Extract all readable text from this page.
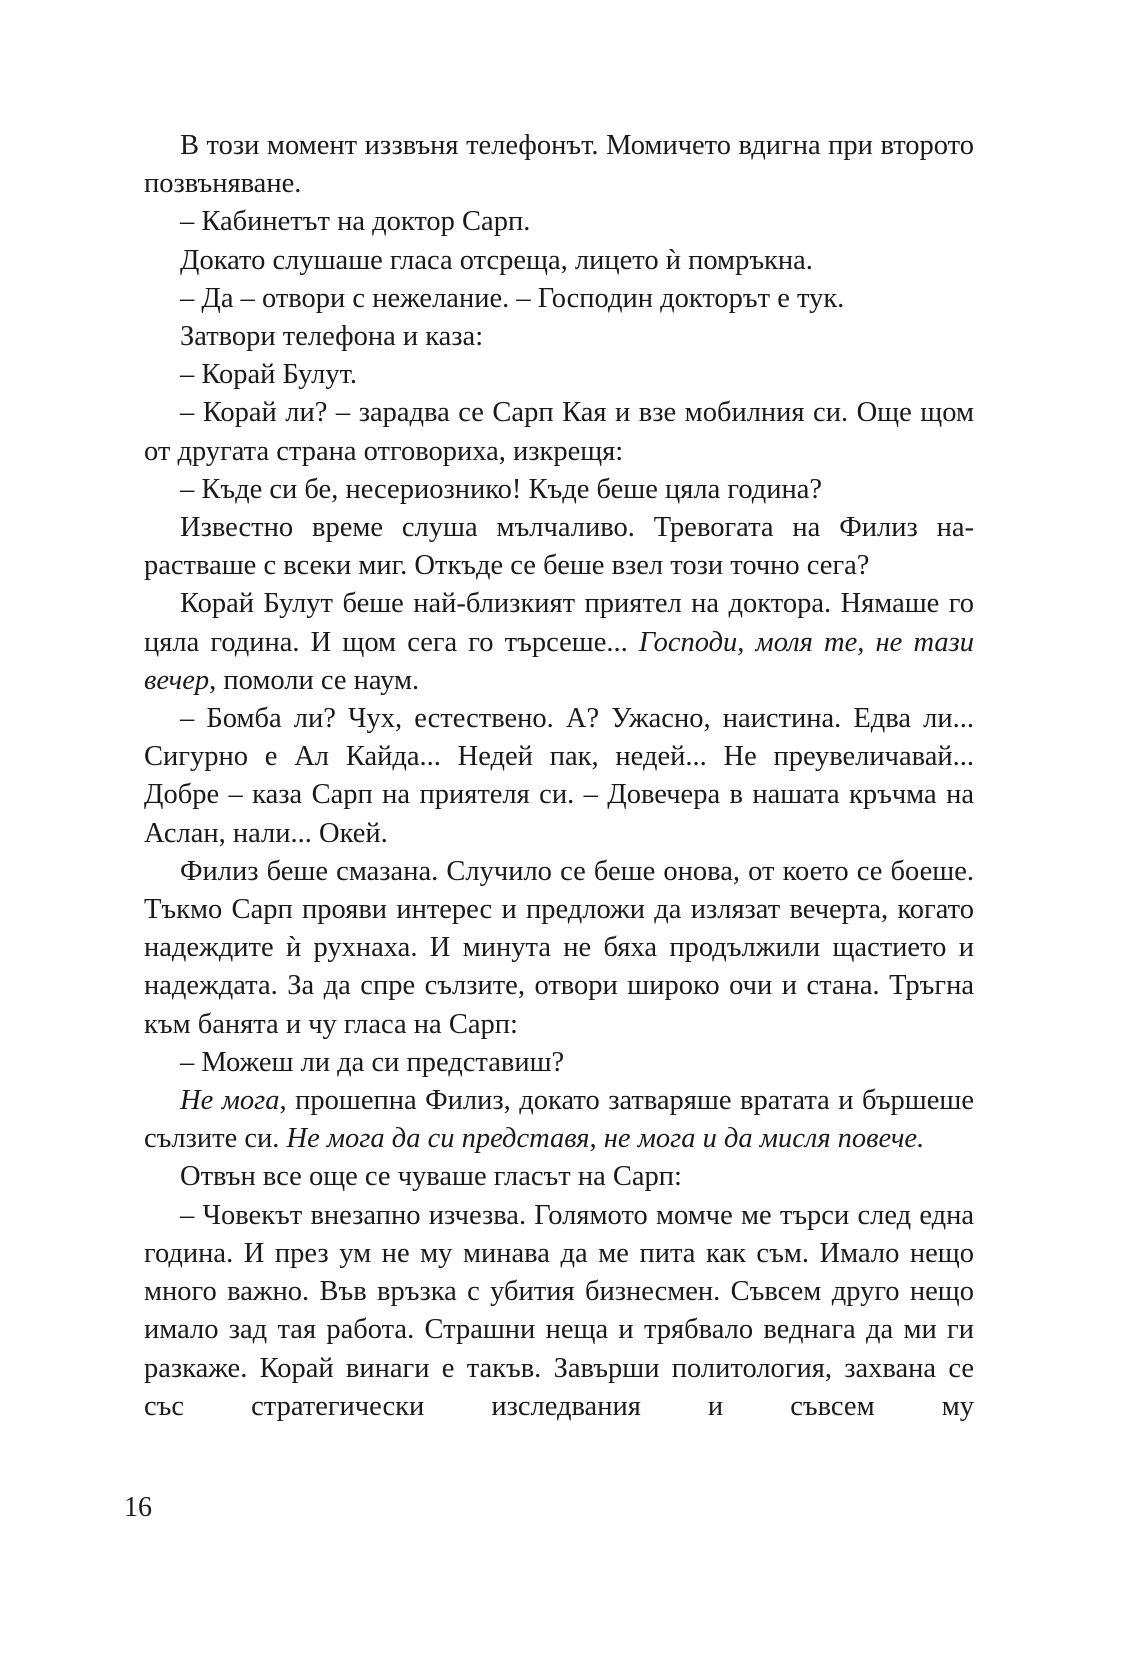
В този момент иззвъня телефонът. Момичето вдигна при второто позвъняване.

– Кабинетът на доктор Сарп.

Докато слушаше гласа отсреща, лицето ѝ помръкна.

– Да – отвори с нежелание. – Господин докторът е тук.

Затвори телефона и каза:

– Корай Булут.

– Корай ли? – зарадва се Сарп Кая и взе мобилния си. Още щом от другата страна отговориха, изкрещя:

– Къде си бе, несериознико! Къде беше цяла година?

Известно време слуша мълчаливо. Тревогата на Филиз нарастваше с всеки миг. Откъде се беше взел този точно сега?

Корай Булут беше най-близкият приятел на доктора. Нямаше го цяла година. И щом сега го търсеше... Господи, моля те, не тази вечер, помоли се наум.

– Бомба ли? Чух, естествено. А? Ужасно, наистина. Едва ли... Сигурно е Ал Кайда... Недей пак, недей... Не преувеличавай... Добре – каза Сарп на приятеля си. – Довечера в нашата кръчма на Аслан, нали... Окей.

Филиз беше смазана. Случило се беше онова, от което се боеше. Тъкмо Сарп прояви интерес и предложи да излязат вечерта, когато надеждите ѝ рухнаха. И минута не бяха продължили щастието и надеждата. За да спре сълзите, отвори широко очи и стана. Тръгна към банята и чу гласа на Сарп:

– Можеш ли да си представиш?

Не мога, прошепна Филиз, докато затваряше вратата и бършеше сълзите си. Не мога да си представя, не мога и да мисля повече.

Отвън все още се чуваше гласът на Сарп:

– Човекът внезапно изчезва. Голямото момче ме търси след една година. И през ум не му минава да ме пита как съм. Имало нещо много важно. Във връзка с убития бизнесмен. Съвсем друго нещо имало зад тая работа. Страшни неща и трябвало веднага да ми ги разкаже. Корай винаги е такъв. Завърши политология, захвана се със стратегически изследвания и съвсем му

16
